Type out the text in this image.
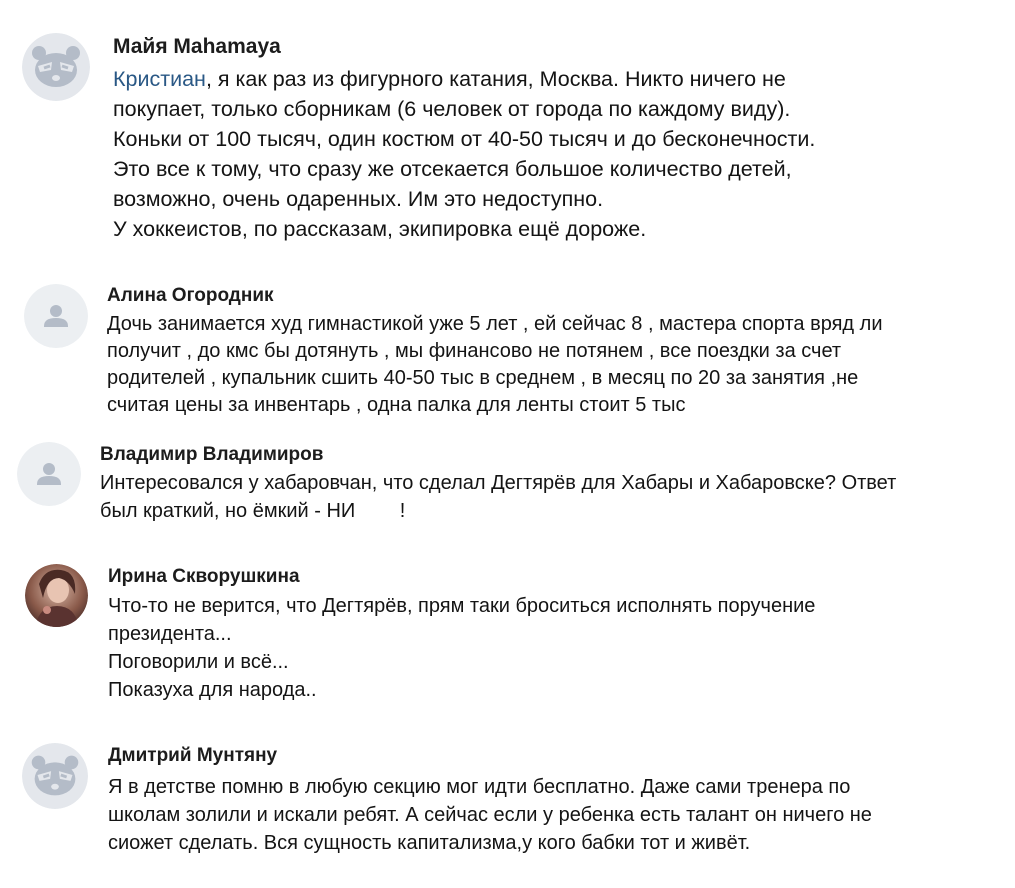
Майя Mahamaya
Кристиан, я как раз из фигурного катания, Москва. Никто ничего не
покупает, только сборникам (6 человек от города по каждому виду).
Коньки от 100 тысяч, один костюм от 40-50 тысяч и до бесконечности.
Это все к тому, что сразу же отсекается большое количество детей,
возможно, очень одаренных. Им это недоступно.
У хоккеистов, по рассказам, экипировка ещё дороже.
Алина Огородник
Дочь занимается худ гимнастикой уже 5 лет , ей сейчас 8 , мастера спорта вряд ли
получит , до кмс бы дотянуть , мы финансово не потянем , все поездки за счет
родителей , купальник сшить 40-50 тыс в среднем , в месяц по 20 за занятия ,не
считая цены за инвентарь , одна палка для ленты стоит 5 тыс
Владимир Владимиров
Интересовался у хабаровчан, что сделал Дегтярёв для Хабары и Хабаровске? Ответ
был краткий, но ёмкий - НИ        !
Ирина Скворушкина
Что-то не верится, что Дегтярёв, прям таки броситься исполнять поручение
президента...
Поговорили и всё...
Показуха для народа..
Дмитрий Мунтяну
Я в детстве помню в любую секцию мог идти бесплатно. Даже сами тренера по
школам золили и искали ребят. А сейчас если у ребенка есть талант он ничего не
сиожет сделать. Вся сущность капитализма,у кого бабки тот и живёт.
